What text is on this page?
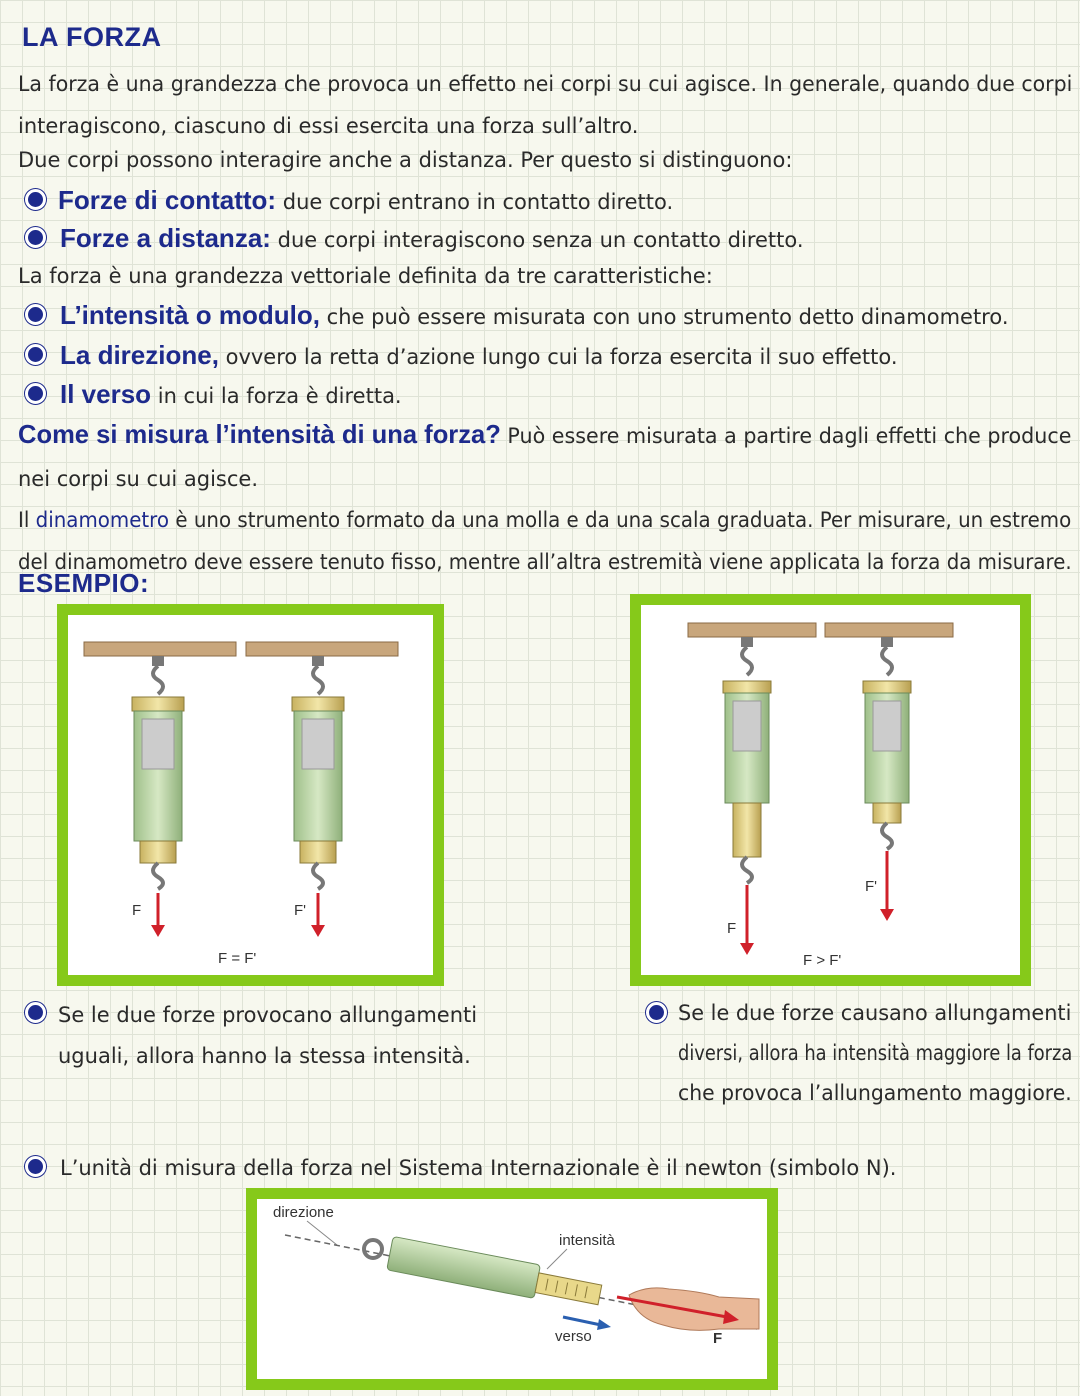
LA FORZA
La forza è una grandezza che provoca un effetto nei corpi su cui agisce. In generale, quando due corpi
interagiscono, ciascuno di essi esercita una forza sull’altro.
Due corpi possono interagire anche a distanza. Per questo si distinguono:
Forze di contatto: due corpi entrano in contatto diretto.
Forze a distanza: due corpi interagiscono senza un contatto diretto.
La forza è una grandezza vettoriale definita da tre caratteristiche:
L’intensità o modulo, che può essere misurata con uno strumento detto dinamometro.
La direzione, ovvero la retta d’azione lungo cui la forza esercita il suo effetto.
Il verso in cui la forza è diretta.
Come si misura l’intensità di una forza? Può essere misurata a partire dagli effetti che produce
nei corpi su cui agisce.
Il dinamometro è uno strumento formato da una molla e da una scala graduata. Per misurare, un estremo
del dinamometro deve essere tenuto fisso, mentre all’altra estremità viene applicata la forza da misurare.
ESEMPIO:
F	F'
F = F'
F
F'
F > F'
Se le due forze provocano allungamenti
uguali, allora hanno la stessa intensità.
Se le due forze causano allungamenti
diversi, allora ha intensità maggiore la forza
che provoca l’allungamento maggiore.
L’unità di misura della forza nel Sistema Internazionale è il newton (simbolo N).
direzione
intensità
F
verso
